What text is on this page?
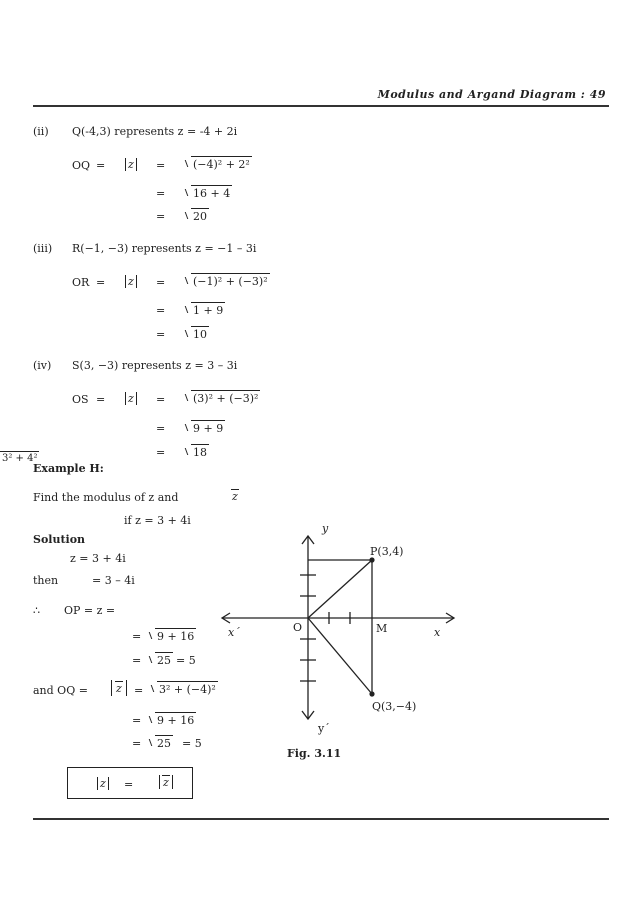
Modulus and Argand Diagram : 49
(ii) Q(-4,3) represents z = -4 + 2i
OQ = z =	(−4)² + 2²
=	16 + 4
=	20
(iii) R(−1, −3) represents z = −1 – 3i
OR = z =	(−1)² + (−3)²
=	1 + 9
=	10
(iv) S(3, −3) represents z = 3 – 3i
OS = z =	(3)² + (−3)²
=	9 + 9
=	18
3² + 4²
Example H:
Find the modulus of z and	z
if z = 3 + 4i
Solution
z = 3 + 4i
then	= 3 – 4i
∴ OP = z =
=	9 + 16
=	25 = 5
and OQ =	z	=	3² + (−4)²
=	9 + 16
=	25 = 5
z =	z
y
P(3,4)
O	M
x´	x
Q(3,−4)
y´
Fig. 3.11
